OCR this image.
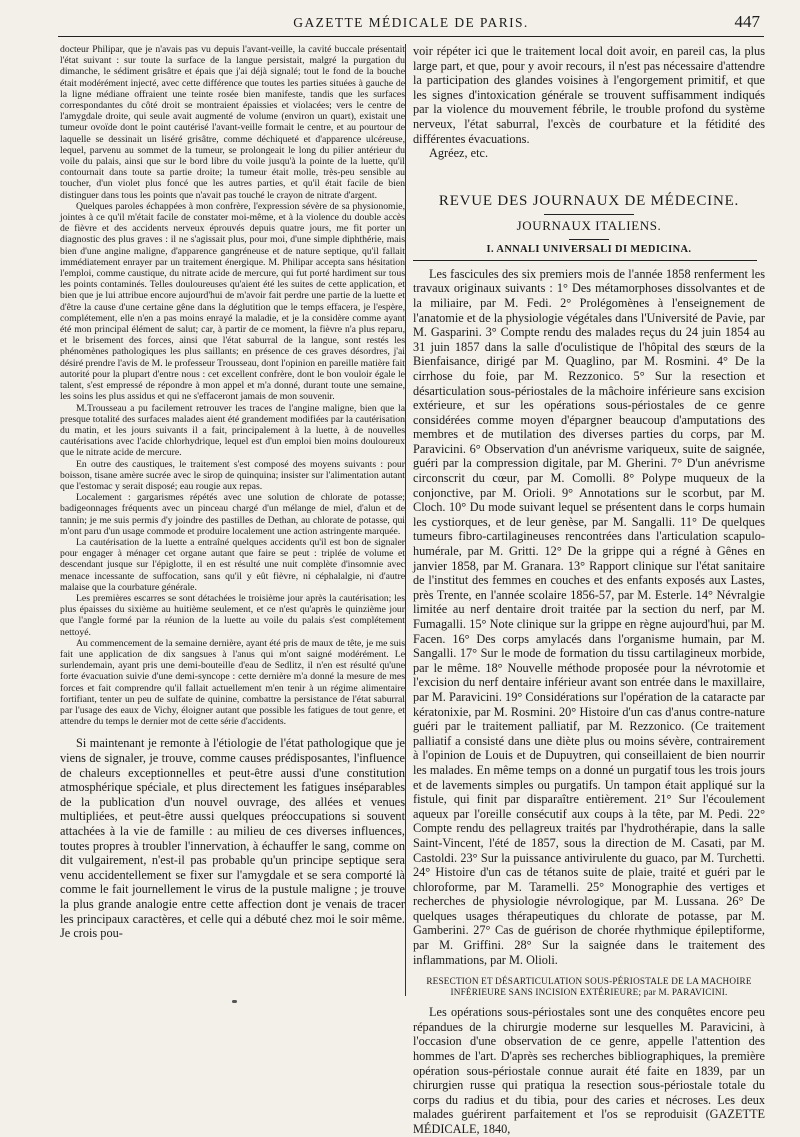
GAZETTE MÉDICALE DE PARIS.	447

docteur Philipar, que je n'avais pas vu depuis l'avant-veille, la cavité buccale présentait l'état suivant : sur toute la surface de la langue persistait, malgré la purgation du dimanche, le sédiment grisâtre et épais que j'ai déjà signalé; tout le fond de la bouche était modérément injecté, avec cette différence que toutes les parties situées à gauche de la ligne médiane offraient une teinte rosée bien manifeste, tandis que les surfaces correspondantes du côté droit se montraient épaissies et violacées; vers le centre de l'amygdale droite, qui seule avait augmenté de volume (environ un quart), existait une tumeur ovoïde dont le point cautérisé l'avant-veille formait le centre, et au pourtour de laquelle se dessinait un liséré grisâtre, comme déchiqueté et d'apparence ulcéreuse, lequel, parvenu au sommet de la tumeur, se prolongeait le long du pilier antérieur du voile du palais, ainsi que sur le bord libre du voile jusqu'à la pointe de la luette, qu'il contournait dans toute sa partie droite; la tumeur était molle, très-peu sensible au toucher, d'un violet plus foncé que les autres parties, et qu'il était facile de bien distinguer dans tous les points que n'avait pas touché le crayon de nitrate d'argent.

Quelques paroles échappées à mon confrère, l'expression sévère de sa physionomie, jointes à ce qu'il m'était facile de constater moi-même, et à la violence du double accès de fièvre et des accidents nerveux éprouvés depuis quatre jours, me fit porter un diagnostic des plus graves : il ne s'agissait plus, pour moi, d'une simple diphthérie, mais bien d'une angine maligne, d'apparence gangréneuse et de nature septique, qu'il fallait immédiatement enrayer par un traitement énergique. M. Philipar accepta sans hésitation l'emploi, comme caustique, du nitrate acide de mercure, qui fut porté hardiment sur tous les points contaminés. Telles douloureuses qu'aient été les suites de cette application, et bien que je lui attribue encore aujourd'hui de m'avoir fait perdre une partie de la luette et d'être la cause d'une certaine gêne dans la déglutition que le temps effacera, je l'espère, complétement, elle n'en a pas moins enrayé la maladie, et je la considère comme ayant été mon principal élément de salut; car, à partir de ce moment, la fièvre n'a plus reparu, et le brisement des forces, ainsi que l'état saburral de la langue, sont restés les phénomènes pathologiques les plus saillants; en présence de ces graves désordres, j'ai désiré prendre l'avis de M. le professeur Trousseau, dont l'opinion en pareille matière fait autorité pour la plupart d'entre nous : cet excellent confrère, dont le bon vouloir égale le talent, s'est empressé de répondre à mon appel et m'a donné, durant toute une semaine, les soins les plus assidus et qui ne s'effaceront jamais de mon souvenir.

M.Trousseau a pu facilement retrouver les traces de l'angine maligne, bien que la presque totalité des surfaces malades aient été grandement modifiées par la cautérisation du matin, et les jours suivants il a fait, principalement à la luette, à de nouvelles cautérisations avec l'acide chlorhydrique, lequel est d'un emploi bien moins douloureux que le nitrate acide de mercure.

En outre des caustiques, le traitement s'est composé des moyens suivants : pour boisson, tisane amère sucrée avec le sirop de quinquina; insister sur l'alimentation autant que l'estomac y serait disposé; eau rougie aux repas.

Localement : gargarismes répétés avec une solution de chlorate de potasse; badigeonnages fréquents avec un pinceau chargé d'un mélange de miel, d'alun et de tannin; je me suis permis d'y joindre des pastilles de Dethan, au chlorate de potasse, qui m'ont paru d'un usage commode et produire localement une action astringente marquée.

La cautérisation de la luette a entraîné quelques accidents qu'il est bon de signaler pour engager à ménager cet organe autant que faire se peut : triplée de volume et descendant jusque sur l'épiglotte, il en est résulté une nuit complète d'insomnie avec menace incessante de suffocation, sans qu'il y eût fièvre, ni céphalalgie, ni d'autre malaise que la courbature générale.

Les premières escarres se sont détachées le troisième jour après la cautérisation; les plus épaisses du sixième au huitième seulement, et ce n'est qu'après le quinzième jour que l'angle formé par la réunion de la luette au voile du palais s'est complétement nettoyé.

Au commencement de la semaine dernière, ayant été pris de maux de tête, je me suis fait une application de dix sangsues à l'anus qui m'ont saigné modérément. Le surlendemain, ayant pris une demi-bouteille d'eau de Sedlitz, il n'en est résulté qu'une forte évacuation suivie d'une demi-syncope : cette dernière m'a donné la mesure de mes forces et fait comprendre qu'il fallait actuellement m'en tenir à un régime alimentaire fortifiant, tenter un peu de sulfate de quinine, combattre la persistance de l'état saburral par l'usage des eaux de Vichy, éloigner autant que possible les fatigues de tout genre, et attendre du temps le dernier mot de cette série d'accidents.

Si maintenant je remonte à l'étiologie de l'état pathologique que je viens de signaler, je trouve, comme causes prédisposantes, l'influence de chaleurs exceptionnelles et peut-être aussi d'une constitution atmosphérique spéciale, et plus directement les fatigues inséparables de la publication d'un nouvel ouvrage, des allées et venues multipliées, et peut-être aussi quelques préoccupations si souvent attachées à la vie de famille : au milieu de ces diverses influences, toutes propres à troubler l'innervation, à échauffer le sang, comme on dit vulgairement, n'est-il pas probable qu'un principe septique sera venu accidentellement se fixer sur l'amygdale et se sera comporté là comme le fait journellement le virus de la pustule maligne ; je trouve la plus grande analogie entre cette affection dont je venais de tracer les principaux caractères, et celle qui a débuté chez moi le soir même. Je crois pou-

voir répéter ici que le traitement local doit avoir, en pareil cas, la plus large part, et que, pour y avoir recours, il n'est pas nécessaire d'attendre la participation des glandes voisines à l'engorgement primitif, et que les signes d'intoxication générale se trouvent suffisamment indiqués par la violence du mouvement fébrile, le trouble profond du système nerveux, l'état saburral, l'excès de courbature et la fétidité des différentes évacuations.

Agréez, etc.

REVUE DES JOURNAUX DE MÉDECINE.
JOURNAUX ITALIENS.
I. ANNALI UNIVERSALI DI MEDICINA.

Les fascicules des six premiers mois de l'année 1858 renferment les travaux originaux suivants : 1° Des métamorphoses dissolvantes et de la miliaire, par M. Fedi. 2° Prolégomènes à l'enseignement de l'anatomie et de la physiologie végétales dans l'Université de Pavie, par M. Gasparini. 3° Compte rendu des malades reçus du 24 juin 1854 au 31 juin 1857 dans la salle d'oculistique de l'hôpital des sœurs de la Bienfaisance, dirigé par M. Quaglino, par M. Rosmini. 4° De la cirrhose du foie, par M. Rezzonico. 5° Sur la resection et désarticulation sous-périostales de la mâchoire inférieure sans excision extérieure, et sur les opérations sous-périostales de ce genre considérées comme moyen d'épargner beaucoup d'amputations des membres et de mutilation des diverses parties du corps, par M. Paravicini. 6° Observation d'un anévrisme variqueux, suite de saignée, guéri par la compression digitale, par M. Gherini. 7° D'un anévrisme circonscrit du cœur, par M. Comolli. 8° Polype muqueux de la conjonctive, par M. Orioli. 9° Annotations sur le scorbut, par M. Cloch. 10° Du mode suivant lequel se présentent dans le corps humain les cystiorques, et de leur genèse, par M. Sangalli. 11° De quelques tumeurs fibro-cartilagineuses rencontrées dans l'articulation scapulo-humérale, par M. Gritti. 12° De la grippe qui a régné à Gênes en janvier 1858, par M. Granara. 13° Rapport clinique sur l'état sanitaire de l'institut des femmes en couches et des enfants exposés aux Lastes, près Trente, en l'année scolaire 1856-57, par M. Esterle. 14° Névralgie limitée au nerf dentaire droit traitée par la section du nerf, par M. Fumagalli. 15° Note clinique sur la grippe en règne aujourd'hui, par M. Facen. 16° Des corps amylacés dans l'organisme humain, par M. Sangalli. 17° Sur le mode de formation du tissu cartilagineux morbide, par le même. 18° Nouvelle méthode proposée pour la névrotomie et l'excision du nerf dentaire inférieur avant son entrée dans le maxillaire, par M. Paravicini. 19° Considérations sur l'opération de la cataracte par kératonixie, par M. Rosmini. 20° Histoire d'un cas d'anus contre-nature guéri par le traitement palliatif, par M. Rezzonico. (Ce traitement palliatif a consisté dans une diète plus ou moins sévère, contrairement à l'opinion de Louis et de Dupuytren, qui conseillaient de bien nourrir les malades. En même temps on a donné un purgatif tous les trois jours et de lavements simples ou purgatifs. Un tampon était appliqué sur la fistule, qui finit par disparaître entièrement. 21° Sur l'écoulement aqueux par l'oreille consécutif aux coups à la tête, par M. Pedi. 22° Compte rendu des pellagreux traités par l'hydrothérapie, dans la salle Saint-Vincent, l'été de 1857, sous la direction de M. Casati, par M. Castoldi. 23° Sur la puissance antivirulente du guaco, par M. Turchetti. 24° Histoire d'un cas de tétanos suite de plaie, traité et guéri par le chloroforme, par M. Taramelli. 25° Monographie des vertiges et recherches de physiologie névrologique, par M. Lussana. 26° De quelques usages thérapeutiques du chlorate de potasse, par M. Gamberini. 27° Cas de guérison de chorée rhythmique épileptiforme, par M. Griffini. 28° Sur la saignée dans le traitement des inflammations, par M. Olioli.

RESECTION ET DÉSARTICULATION SOUS-PÉRIOSTALE DE LA MACHOIRE INFÉRIEURE SANS INCISION EXTÉRIEURE; par M. PARAVICINI.

Les opérations sous-périostales sont une des conquêtes encore peu répandues de la chirurgie moderne sur lesquelles M. Paravicini, à l'occasion d'une observation de ce genre, appelle l'attention des hommes de l'art. D'après ses recherches bibliographiques, la première opération sous-périostale connue aurait été faite en 1839, par un chirurgien russe qui pratiqua la resection sous-périostale totale du corps du radius et du tibia, pour des caries et nécroses. Les deux malades guérirent parfaitement et l'os se reproduisit (GAZETTE MÉDICALE, 1840,
